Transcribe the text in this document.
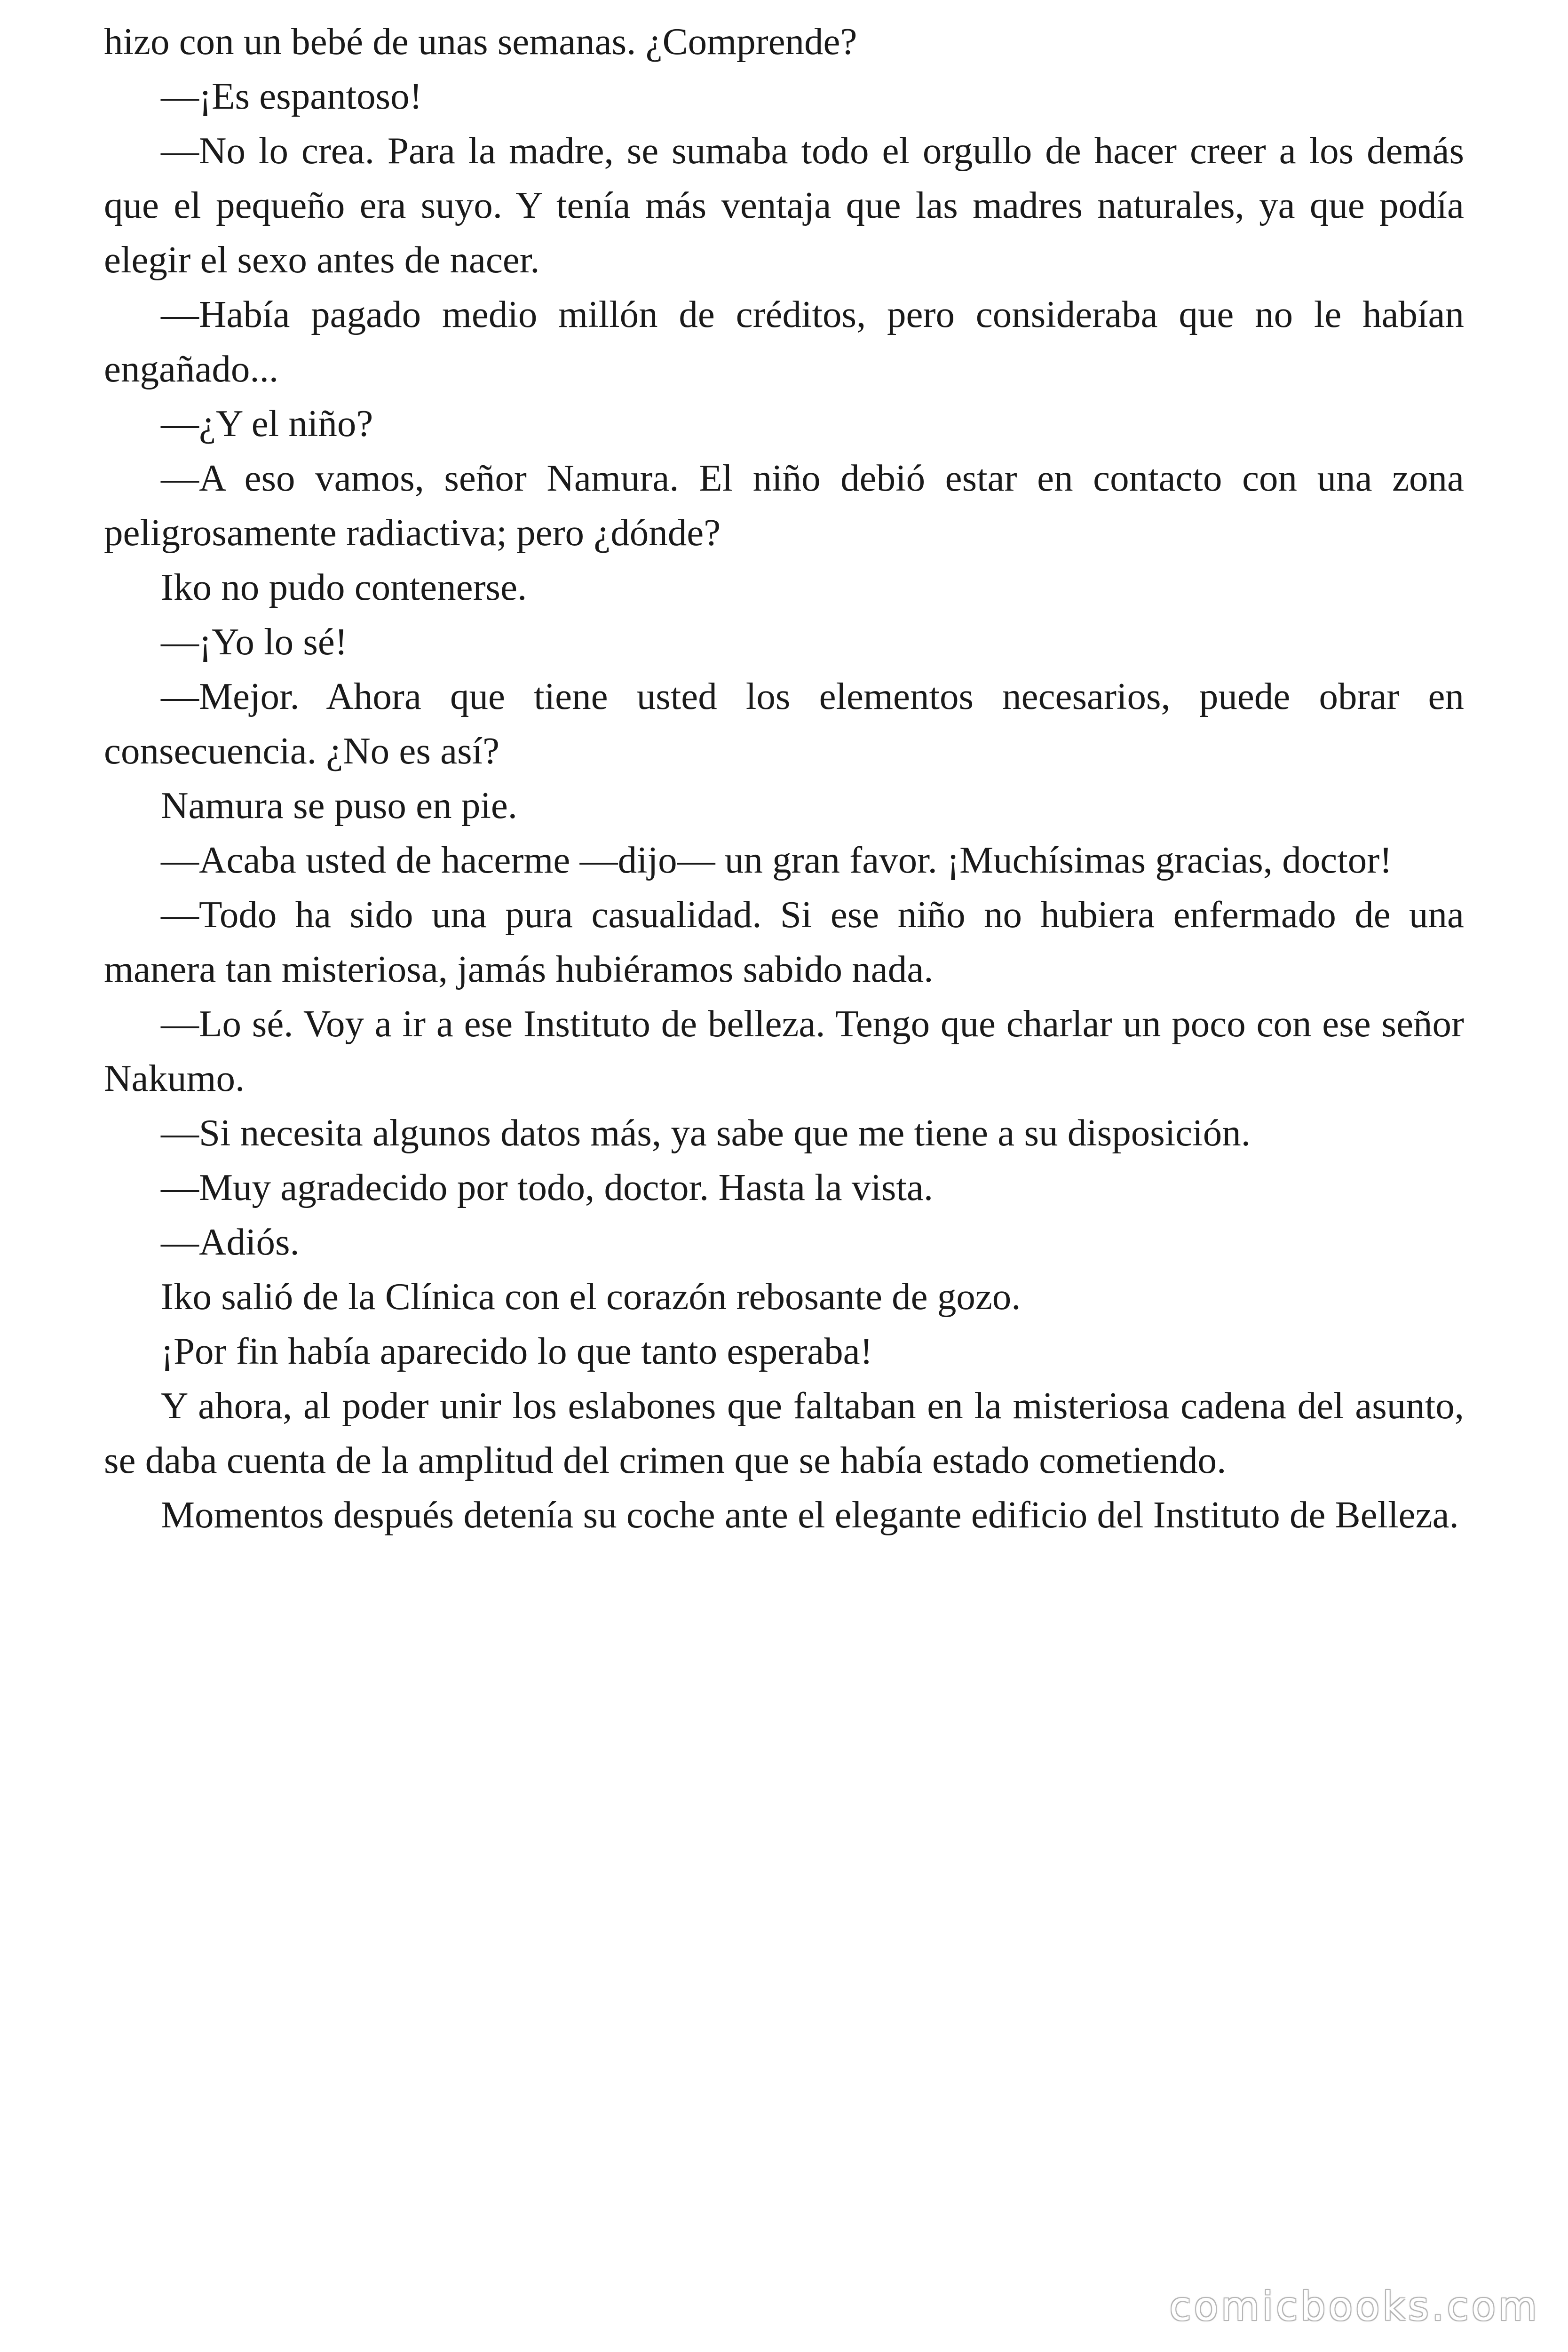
hizo con un bebé de unas semanas. ¿Comprende?

—¡Es espantoso!

—No lo crea. Para la madre, se sumaba todo el orgullo de hacer creer a los demás que el pequeño era suyo. Y tenía más ventaja que las madres naturales, ya que podía elegir el sexo antes de nacer.

—Había pagado medio millón de créditos, pero consideraba que no le habían engañado...

—¿Y el niño?

—A eso vamos, señor Namura. El niño debió estar en contacto con una zona peligrosamente radiactiva; pero ¿dónde?

Iko no pudo contenerse.

—¡Yo lo sé!

—Mejor. Ahora que tiene usted los elementos necesarios, puede obrar en consecuencia. ¿No es así?

Namura se puso en pie.

—Acaba usted de hacerme —dijo— un gran favor. ¡Muchísimas gracias, doctor!

—Todo ha sido una pura casualidad. Si ese niño no hubiera enfermado de una manera tan misteriosa, jamás hubiéramos sabido nada.

—Lo sé. Voy a ir a ese Instituto de belleza. Tengo que charlar un poco con ese señor Nakumo.

—Si necesita algunos datos más, ya sabe que me tiene a su disposición.

—Muy agradecido por todo, doctor. Hasta la vista.

—Adiós.

Iko salió de la Clínica con el corazón rebosante de gozo.

¡Por fin había aparecido lo que tanto esperaba!

Y ahora, al poder unir los eslabones que faltaban en la misteriosa cadena del asunto, se daba cuenta de la amplitud del crimen que se había estado cometiendo.

Momentos después detenía su coche ante el elegante edificio del Instituto de Belleza.

comicbooks.com
